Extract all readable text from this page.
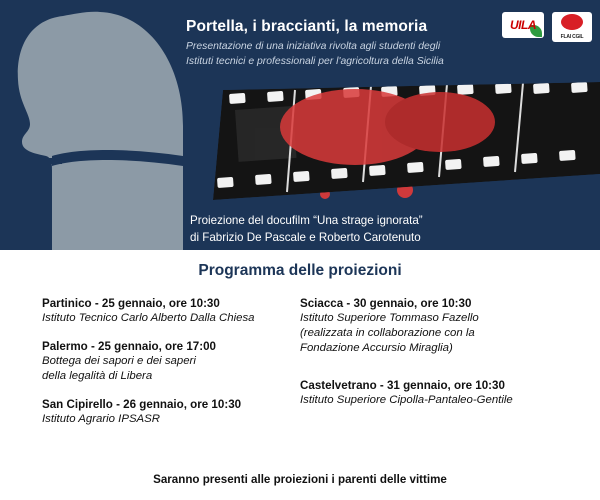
Portella, i braccianti, la memoria
Presentazione di una iniziativa rivolta agli studenti degli
Istituti tecnici e professionali per l'agricoltura della Sicilia
UILA
FLAI CGIL
Proiezione del docufilm “Una strage ignorata”
di Fabrizio De Pascale e Roberto Carotenuto
Programma delle proiezioni
Partinico - 25 gennaio, ore 10:30
Istituto Tecnico Carlo Alberto Dalla Chiesa
Palermo - 25 gennaio, ore 17:00
Bottega dei sapori e dei saperi
della legalità di Libera
San Cipirello - 26 gennaio, ore 10:30
Istituto Agrario IPSASR
Sciacca - 30 gennaio, ore 10:30
Istituto Superiore Tommaso Fazello
(realizzata in collaborazione con la
Fondazione Accursio Miraglia)
Castelvetrano - 31 gennaio, ore 10:30
Istituto Superiore Cipolla-Pantaleo-Gentile
Saranno presenti alle proiezioni i parenti delle vittime
